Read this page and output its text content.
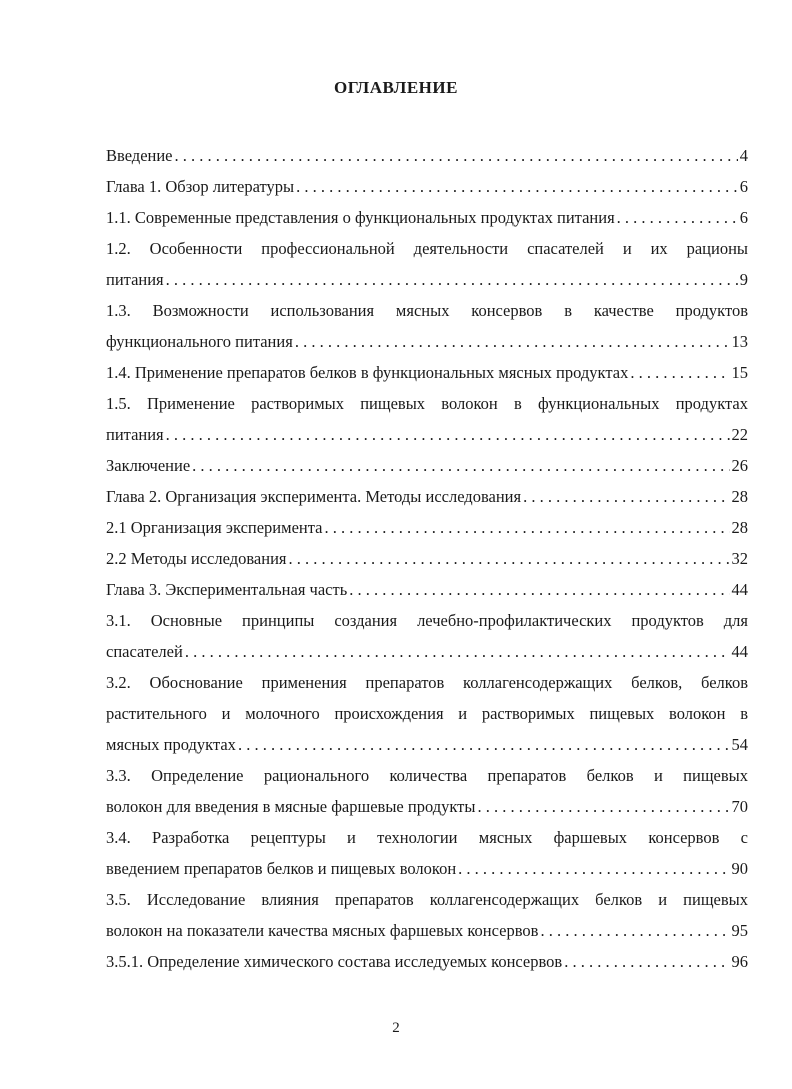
ОГЛАВЛЕНИЕ
Введение . . .	4
Глава 1. Обзор литературы . . .	6
1.1. Современные представления о функциональных продуктах питания . . .	6
1.2. Особенности профессиональной деятельности спасателей и их рационы
питания . . .	9
1.3. Возможности использования мясных консервов в качестве продуктов
функционального питания . . .	13
1.4. Применение препаратов белков в функциональных мясных продуктах . . .	15
1.5. Применение растворимых пищевых волокон в функциональных продуктах
питания . . .	22
Заключение . . .	26
Глава 2. Организация эксперимента. Методы исследования . . .	28
2.1 Организация эксперимента . . .	28
2.2 Методы исследования . . .	32
Глава 3. Экспериментальная часть . . .	44
3.1. Основные принципы создания лечебно-профилактических продуктов для
спасателей . . .	44
3.2. Обоснование применения препаратов коллагенсодержащих белков, белков
растительного и молочного происхождения и растворимых пищевых волокон в
мясных продуктах . . .	54
3.3. Определение рационального количества препаратов белков и пищевых
волокон для введения в мясные фаршевые продукты . . .	70
3.4. Разработка рецептуры и технологии мясных фаршевых консервов с
введением препаратов белков и пищевых волокон . . .	90
3.5. Исследование влияния препаратов коллагенсодержащих белков и пищевых
волокон на показатели качества мясных фаршевых консервов . . .	95
3.5.1. Определение химического состава исследуемых консервов . . .	96
2
